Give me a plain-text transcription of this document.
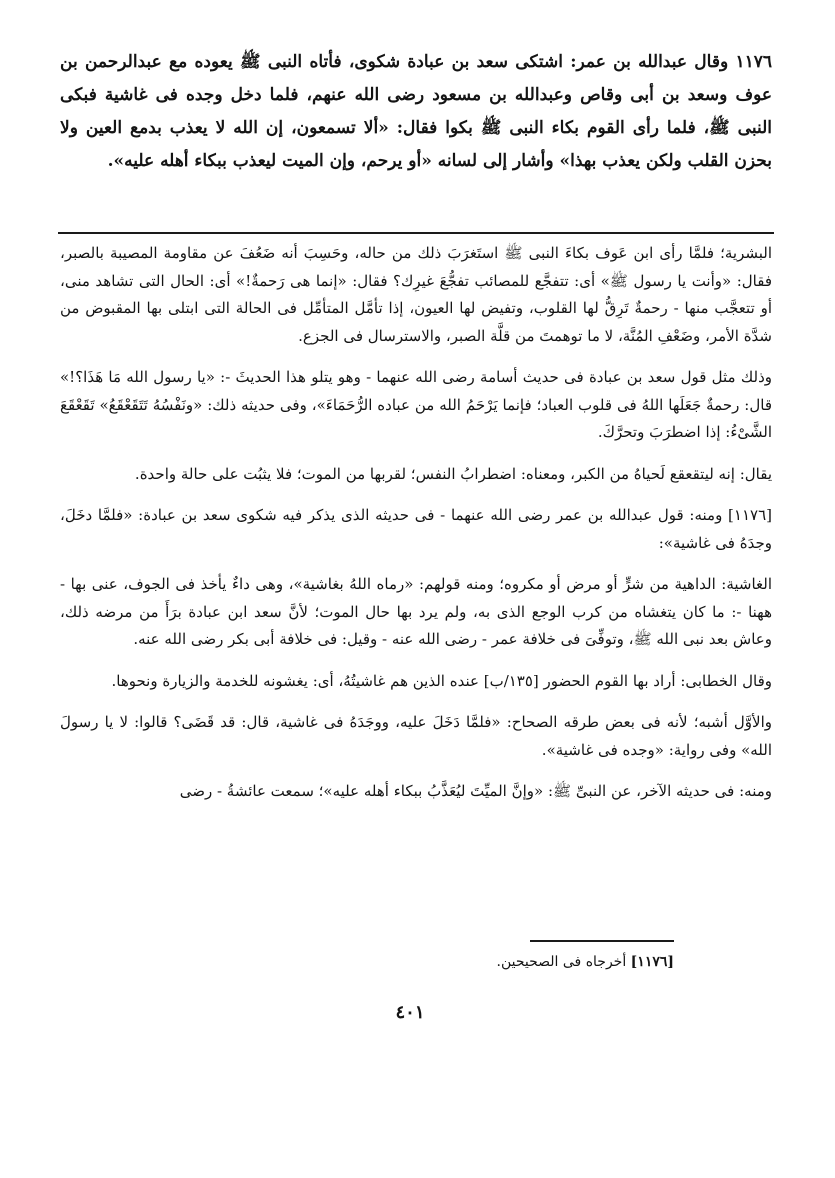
١١٧٦ وقال عبدالله بن عمر: اشتكى سعد بن عبادة شكوى، فأتاه النبى ﷺ يعوده مع عبدالرحمن بن عوف وسعد بن أبى وقاص وعبدالله بن مسعود رضى الله عنهم، فلما دخل وجده فى غاشية فبكى النبى ﷺ، فلما رأى القوم بكاء النبى ﷺ بكوا فقال: «ألا تسمعون، إن الله لا يعذب بدمع العين ولا بحزن القلب ولكن يعذب بهذا» وأشار إلى لسانه «أو يرحم، وإن الميت ليعذب ببكاء أهله عليه».

البشرية؛ فلمَّا رأى ابن عَوف بكاءَ النبى ﷺ استَغرَبَ ذلك من حاله، وحَسِبَ أنه ضَعُفَ عن مقاومة المصيبة بالصبر، فقال: «وأنت يا رسول ﷺ» أى: تتفجَّع للمصائب تفجُّعَ غيرِك؟ فقال: «إنما هى رَحمةٌ!» أى: الحال التى تشاهد منى، أو تتعجَّب منها - رحمةٌ تَرِقُّ لها القلوب، وتفيض لها العيون، إذا تأمَّل المتأمِّل فى الحالة التى ابتلى بها المقبوض من شدَّة الأمر، وضَعْفِ المُنَّة، لا ما توهمتَ من قلَّة الصبر، والاسترسال فى الجزع.

وذلك مثل قول سعد بن عبادة فى حديث أسامة رضى الله عنهما - وهو يتلو هذا الحديثَ -: «يا رسول الله مَا هَذَا؟!» قال: رحمةٌ جَعَلَها اللهُ فى قلوب العباد؛ فإنما يَرْحَمُ الله من عباده الرُّحَمَاءَ»، وفى حديثه ذلك: «ونَفْسُهُ تَتَقَعْقَعُ» تَقَعْقَعَ الشَّىْءُ: إذا اضطرَبَ وتحرَّكَ.

يقال: إنه ليتقعقع لَحياهُ من الكبر، ومعناه: اضطرابُ النفس؛ لقربها من الموت؛ فلا يثبُت على حالة واحدة.

[١١٧٦] ومنه: قول عبدالله بن عمر رضى الله عنهما - فى حديثه الذى يذكر فيه شكوى سعد بن عبادة: «فلمَّا دخَلَ، وجدَهُ فى غاشية»:

الغاشية: الداهية من شرٍّ أو مرض أو مكروه؛ ومنه قولهم: «رماه اللهُ بغاشية»، وهى داءٌ يأخذ فى الجوف، عنى بها - ههنا -: ما كان يتغشاه من كرب الوجع الذى به، ولم يرد بها حال الموت؛ لأنَّ سعد ابن عبادة برَأَ من مرضه ذلك، وعاش بعد نبى الله ﷺ، وتوفِّىَ فى خلافة عمر - رضى الله عنه - وقيل: فى خلافة أبى بكر رضى الله عنه.

وقال الخطابى: أراد بها القوم الحضور [١٣٥/ب] عنده الذين هم غاشيتُهُ، أى: يغشونه للخدمة والزيارة ونحوها.

والأوَّل أشبه؛ لأنه فى بعض طرقه الصحاح: «فلمَّا دَخَلَ عليه، ووجَدَهُ فى غاشية، قال: قد قَضَى؟ قالوا: لا يا رسولَ الله» وفى رواية: «وجده فى غاشية».

ومنه: فى حديثه الآخر، عن النبىِّ ﷺ: «وإنَّ الميِّتَ ليُعَذَّبُ ببكاء أهله عليه»؛ سمعت عائشةُ - رضى

[١١٧٦] أخرجاه فى الصحيحين.
٤٠١
